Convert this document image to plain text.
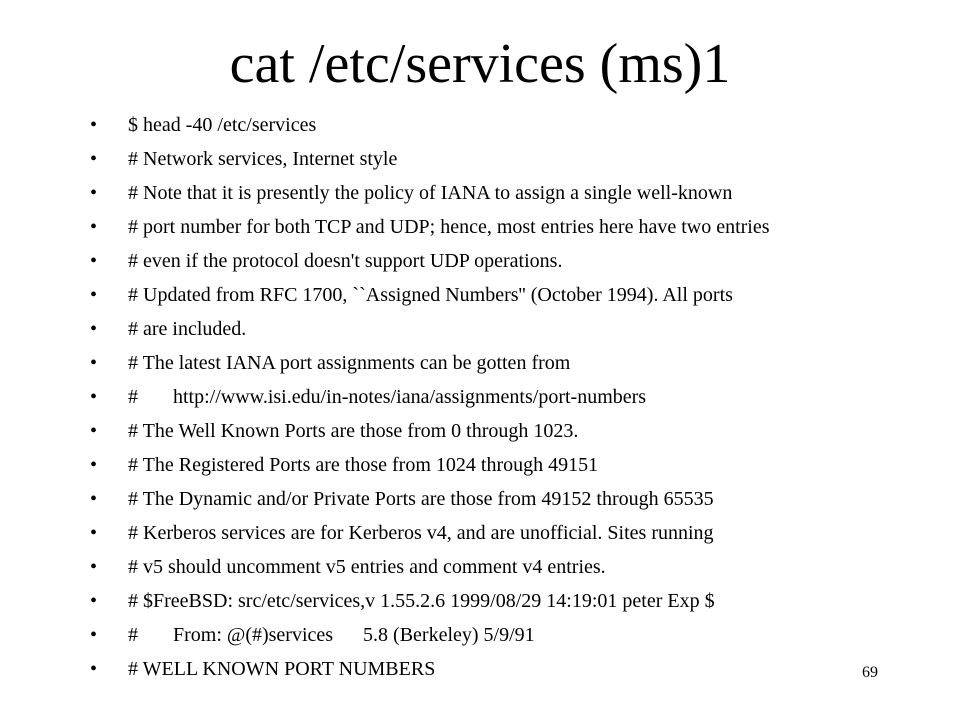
cat /etc/services (ms)1
•	$ head -40 /etc/services
•	# Network services, Internet style
•	# Note that it is presently the policy of IANA to assign a single well-known
•	# port number for both TCP and UDP; hence, most entries here have two entries
•	# even if the protocol doesn't support UDP operations.
•	# Updated from RFC 1700, ``Assigned Numbers'' (October 1994). All ports
•	# are included.
•	# The latest IANA port assignments can be gotten from
•	#       http://www.isi.edu/in-notes/iana/assignments/port-numbers
•	# The Well Known Ports are those from 0 through 1023.
•	# The Registered Ports are those from 1024 through 49151
•	# The Dynamic and/or Private Ports are those from 49152 through 65535
•	# Kerberos services are for Kerberos v4, and are unofficial. Sites running
•	# v5 should uncomment v5 entries and comment v4 entries.
•	# $FreeBSD: src/etc/services,v 1.55.2.6 1999/08/29 14:19:01 peter Exp $
•	#       From: @(#)services      5.8 (Berkeley) 5/9/91
•	# WELL KNOWN PORT NUMBERS	69
